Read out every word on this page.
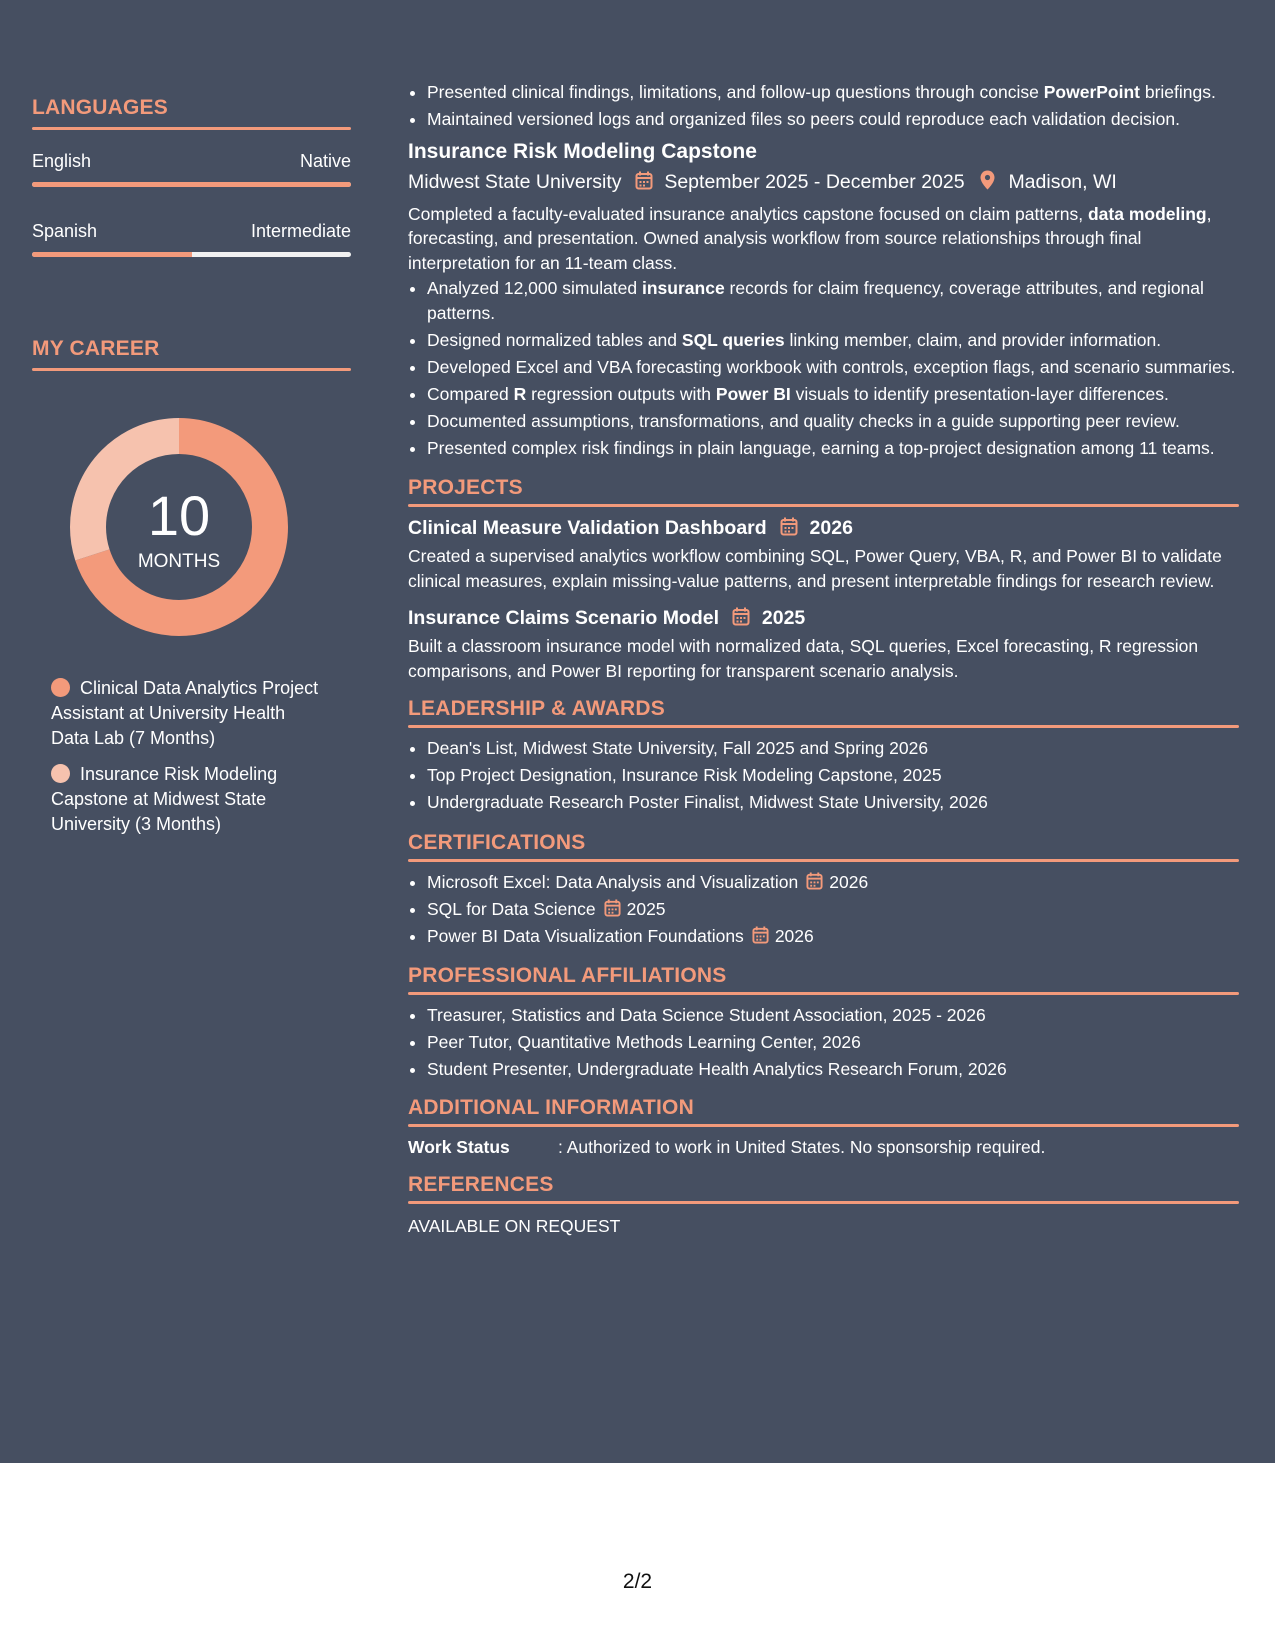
LANGUAGES
English	Native
Spanish	Intermediate
MY CAREER
10
MONTHS
Clinical Data Analytics Project Assistant at University Health Data Lab (7 Months)
Insurance Risk Modeling Capstone at Midwest State University (3 Months)
• Presented clinical findings, limitations, and follow-up questions through concise PowerPoint briefings.
• Maintained versioned logs and organized files so peers could reproduce each validation decision.
Insurance Risk Modeling Capstone
Midwest State University September 2025 - December 2025 Madison, WI

Completed a faculty-evaluated insurance analytics capstone focused on claim patterns, data modeling, forecasting, and presentation. Owned analysis workflow from source relationships through final interpretation for an 11-team class.

• Analyzed 12,000 simulated insurance records for claim frequency, coverage attributes, and regional patterns.
• Designed normalized tables and SQL queries linking member, claim, and provider information.
• Developed Excel and VBA forecasting workbook with controls, exception flags, and scenario summaries.
• Compared R regression outputs with Power BI visuals to identify presentation-layer differences.
• Documented assumptions, transformations, and quality checks in a guide supporting peer review.
• Presented complex risk findings in plain language, earning a top-project designation among 11 teams.
PROJECTS
Clinical Measure Validation Dashboard 2026

Created a supervised analytics workflow combining SQL, Power Query, VBA, R, and Power BI to validate clinical measures, explain missing-value patterns, and present interpretable findings for research review.

Insurance Claims Scenario Model 2025

Built a classroom insurance model with normalized data, SQL queries, Excel forecasting, R regression comparisons, and Power BI reporting for transparent scenario analysis.

LEADERSHIP & AWARDS
• Dean's List, Midwest State University, Fall 2025 and Spring 2026
• Top Project Designation, Insurance Risk Modeling Capstone, 2025
• Undergraduate Research Poster Finalist, Midwest State University, 2026
CERTIFICATIONS
• Microsoft Excel: Data Analysis and Visualization 2026
• SQL for Data Science 2025
• Power BI Data Visualization Foundations 2026
PROFESSIONAL AFFILIATIONS
• Treasurer, Statistics and Data Science Student Association, 2025 - 2026
• Peer Tutor, Quantitative Methods Learning Center, 2026
• Student Presenter, Undergraduate Health Analytics Research Forum, 2026
ADDITIONAL INFORMATION

Work Status	: Authorized to work in United States. No sponsorship required.

REFERENCES

AVAILABLE ON REQUEST

2/2
